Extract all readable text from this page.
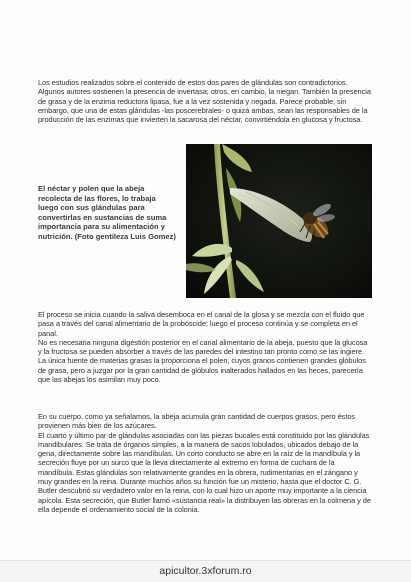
Los estudios realizados sobre el contenido de estos dos pares de glándulas son contradictorios. Algunos autores sostienen la presencia de invertasa; otros, en cambio, la niegan. También la presencia de grasa y de la enzima reductora lipasa, fue a la vez sostenida y negada. Parece probable, sin embargo, que una de estas glándulas -las poscerebrales- o quizá ambas, sean las responsables de la producción de las enzimas que invierten la sacarosa del néctar, convirtiéndola en glucosa y fructosa.

El néctar y polen que la abeja recolecta de las flores, lo trabaja luego con sus glándulas para convertirlas en sustancias de suma importancia para su alimentación y nutrición. (Foto gentileza Luis Gomez)

El proceso se inicia cuando la saliva desemboca en el canal de la glosa y se mezcla con el fluido que pasa a través del canal alimentario de la probóscide; luego el proceso continúa y se completa en el panal.

No es necesaria ninguna digestión posterior en el canal alimentario de la abeja, puesto que la glucosa y la fructosa se pueden absorber a través de las paredes del intestino tan pronto como se las ingiere. La única fuente de materias grasas la proporciona el polen, cuyos granos contienen grandes glóbulos de grasa, pero a juzgar por la gran cantidad de glóbulos inalterados hallados en las heces, parecería que las abejas los asimilan muy poco.

En su cuerpo, como ya señalamos, la abeja acumula gran cantidad de cuerpos grasos, pero éstos provienen más bien de los azúcares.

El cuarto y último par de glándulas asociadas con las piezas bucales está constituido por las glándulas mandibulares. Se trata de órganos simples, a la manera de sacos lobulados, ubicados debajo de la gena, directamente sobre las mandíbulas. Un corto conducto se abre en la raíz de la mandíbula y la secreción fluye por un surco que la lleva directamente al extremo en forma de cuchara de la mandíbula. Estas glándulas son relativamente grandes en la obrera, rudimentarias en el zángano y muy grandes en la reina. Durante muchos años su función fue un misterio, hasta que el doctor C. G. Butler descubrió su verdadero valor en la reina, con lo cual hizo un aporte muy importante a la ciencia apícola. Esta secreción, que Butler llamó «sustancia real» la distribuyen las obreras en la colmena y de ella depende el ordenamiento social de la colonia.

apicultor.3xforum.ro
